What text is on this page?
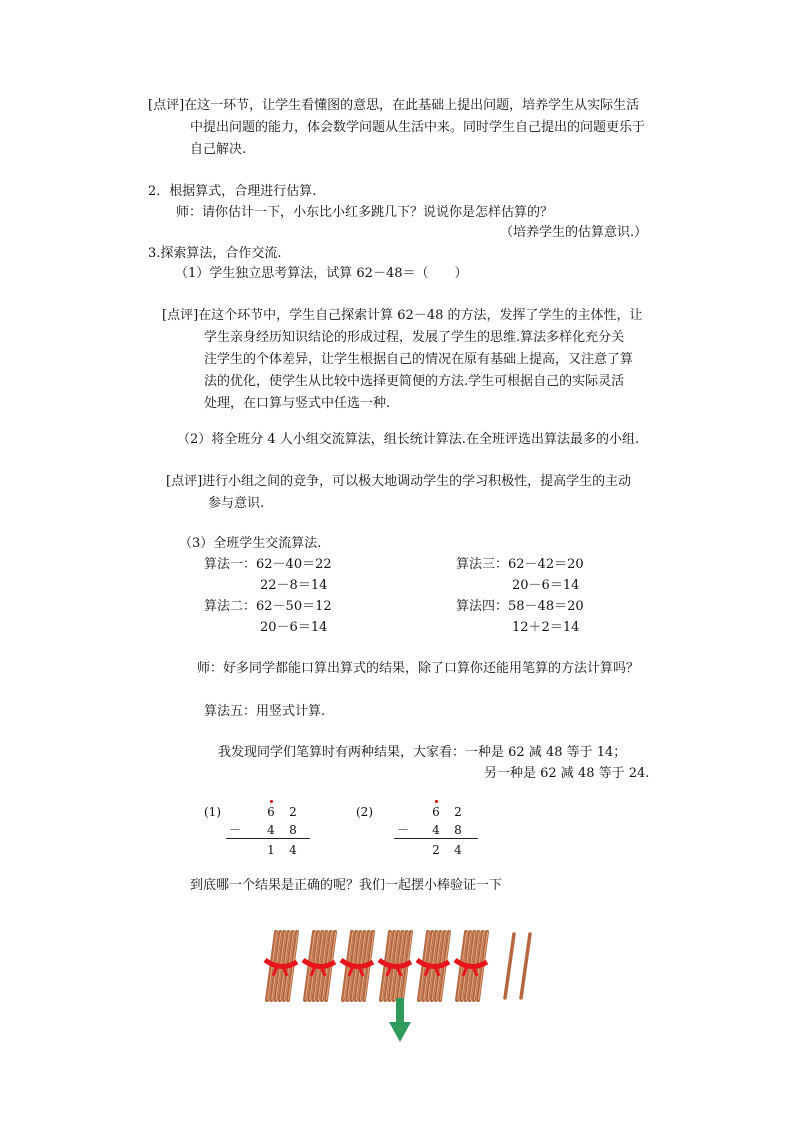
[点评]在这一环节，让学生看懂图的意思，在此基础上提出问题，培养学生从实际生活
中提出问题的能力，体会数学问题从生活中来。同时学生自己提出的问题更乐于
自己解决.
2．根据算式，合理进行估算.
师：请你估计一下，小东比小红多跳几下？说说你是怎样估算的？
（培养学生的估算意识.）
3.探索算法，合作交流.
（1）学生独立思考算法，试算 62－48＝（　　）
[点评]在这个环节中，学生自己探索计算 62－48 的方法，发挥了学生的主体性，让
学生亲身经历知识结论的形成过程，发展了学生的思维.算法多样化充分关
注学生的个体差异，让学生根据自己的情况在原有基础上提高，又注意了算
法的优化，使学生从比较中选择更简便的方法.学生可根据自己的实际灵活
处理，在口算与竖式中任选一种.
（2）将全班分 4 人小组交流算法，组长统计算法.在全班评选出算法最多的小组.
[点评]进行小组之间的竞争，可以极大地调动学生的学习积极性，提高学生的主动
参与意识.
（3）全班学生交流算法.
算法一：62－40＝22
22－8＝14
算法二：62－50＝12
20－6＝14
算法三：62－42＝20
20－6＝14
算法四：58－48＝20
12＋2＝14
师：好多同学都能口算出算式的结果，除了口算你还能用笔算的方法计算吗？
算法五：用竖式计算.
我发现同学们笔算时有两种结果，大家看：一种是 62 减 48 等于 14；
另一种是 62 减 48 等于 24.
(1)	6 2
－ 4 8
1 4
(2)	6 2
－ 4 8
2 4
到底哪一个结果是正确的呢？我们一起摆小棒验证一下
